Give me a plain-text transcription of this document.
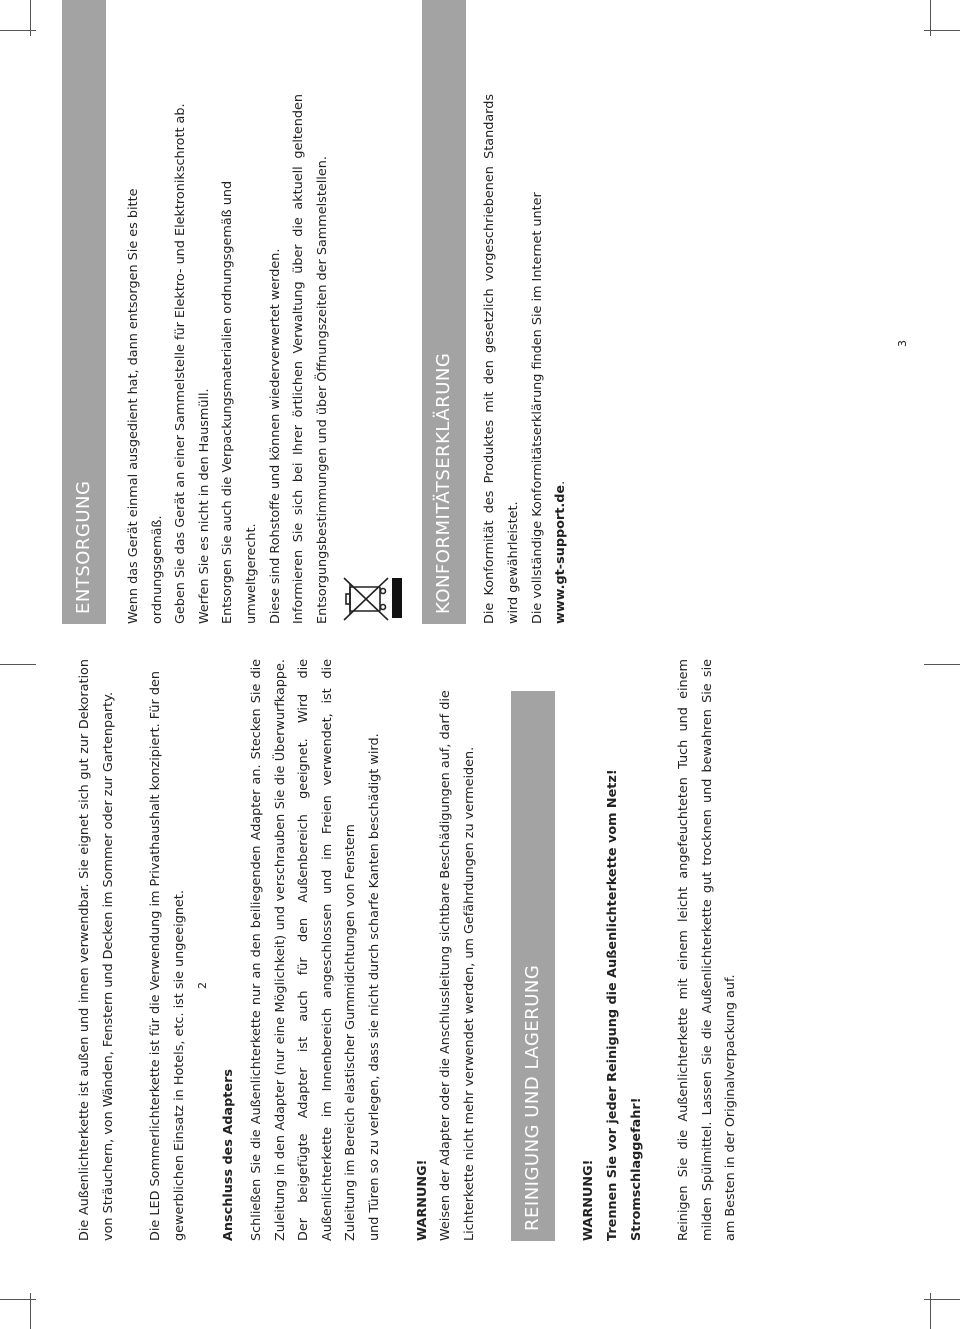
Die Außenlichterkette ist außen und innen verwendbar. Sie eignet sich gut zur Dekoration von Sträuchern, von Wänden, Fenstern und Decken im Sommer oder zur Gartenparty.	Die LED Sommerlichterkette ist für die Verwendung im Privathaushalt konzipiert. Für den gewerblichen Einsatz in Hotels, etc. ist sie ungeeignet.	Anschluss des Adapters Schließen Sie die Außenlichterkette nur an den beiliegenden Adapter an. Stecken Sie die Zuleitung in den Adapter (nur eine Möglichkeit) und verschrauben Sie die Überwurfkappe. Der beigefügte Adapter ist auch für den Außenbereich geeignet. Wird die Außenlichterkette im Innenbereich angeschlossen und im Freien verwendet, ist die Zuleitung im Bereich elastischer Gummidichtungen von Fenstern und Türen so zu verlegen, dass sie nicht durch scharfe Kanten beschädigt wird.	WARNUNG! Weisen der Adapter oder die Anschlussleitung sichtbare Beschädigungen auf, darf die Lichterkette nicht mehr verwendet werden, um Gefährdungen zu vermeiden.	REINIGUNG UND LAGERUNG	WARNUNG! Trennen Sie vor jeder Reinigung die Außenlichterkette vom Netz! Stromschlaggefahr!	Reinigen Sie die Außenlichterkette mit einem leicht angefeuchteten Tuch und einem milden Spülmittel. Lassen Sie die Außenlichterkette gut trocknen und bewahren Sie sie am Besten in der Originalverpackung auf.
2
ENTSORGUNG	Wenn das Gerät einmal ausgedient hat, dann entsorgen Sie es bitte ordnungsgemäß. Geben Sie das Gerät an einer Sammelstelle für Elektro- und Elektronikschrott ab. Werfen Sie es nicht in den Hausmüll. Entsorgen Sie auch die Verpackungsmaterialien ordnungsgemäß und umweltgerecht. Diese sind Rohstoffe und können wiederverwertet werden. Informieren Sie sich bei Ihrer örtlichen Verwaltung über die aktuell geltenden Entsorgungsbestimmungen und über Öffnungszeiten der Sammelstellen.	KONFORMITÄTSERKLÄRUNG	Die Konformität des Produktes mit den gesetzlich vorgeschriebenen Standards wird gewährleistet. Die vollständige Konformitätserklärung finden Sie im Internet unter www.gt-support.de.
3
